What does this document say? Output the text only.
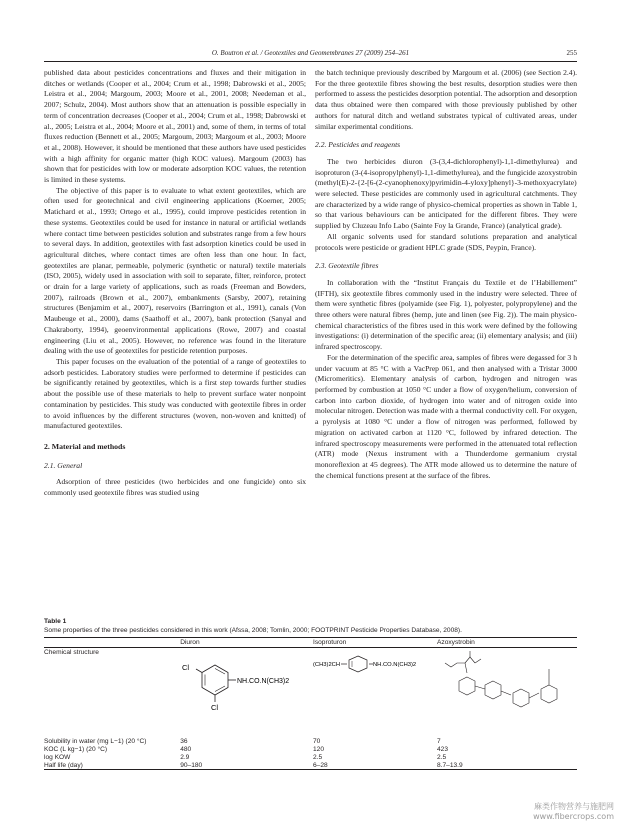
O. Boutron et al. / Geotextiles and Geomembranes 27 (2009) 254–261	255

published data about pesticides concentrations and fluxes and their mitigation in ditches or wetlands (Cooper et al., 2004; Crum et al., 1998; Dabrowski et al., 2005; Leistra et al., 2004; Margoum, 2003; Moore et al., 2001, 2008; Needeman et al., 2007; Schulz, 2004). Most authors show that an attenuation is possible especially in term of concentration decreases (Cooper et al., 2004; Crum et al., 1998; Dabrowski et al., 2005; Leistra et al., 2004; Moore et al., 2001) and, some of them, in terms of total fluxes reduction (Bennett et al., 2005; Margoum, 2003; Margoum et al., 2003; Moore et al., 2008). However, it should be mentioned that these authors have used pesticides with a high affinity for organic matter (high KOC values). Margoum (2003) has shown that for pesticides with low or moderate adsorption KOC values, the retention is limited in these systems.

The objective of this paper is to evaluate to what extent geotextiles, which are often used for geotechnical and civil engineering applications (Koerner, 2005; Matichard et al., 1993; Ortego et al., 1995), could improve pesticides retention in these systems. Geotextiles could be used for instance in natural or artificial wetlands where contact time between pesticides solution and substrates range from a few hours to several days. In addition, geotextiles with fast adsorption kinetics could be used in agricultural ditches, where contact times are often less than one hour. In fact, geotextiles are planar, permeable, polymeric (synthetic or natural) textile materials (ISO, 2005), widely used in association with soil to separate, filter, reinforce, protect or drain for a large variety of applications, such as roads (Freeman and Bowders, 2007), railroads (Brown et al., 2007), embankments (Sarsby, 2007), retaining structures (Benjamim et al., 2007), reservoirs (Barrington et al., 1991), canals (Von Maubeuge et al., 2000), dams (Saathoff et al., 2007), bank protection (Sanyal and Chakraborty, 1994), geoenvironmental applications (Rowe, 2007) and coastal engineering (Liu et al., 2005). However, no reference was found in the literature dealing with the use of geotextiles for pesticide retention purposes.

This paper focuses on the evaluation of the potential of a range of geotextiles to adsorb pesticides. Laboratory studies were performed to determine if pesticides can be significantly retained by geotextiles, which is a first step towards further studies about the possible use of these materials to help to prevent surface water nonpoint contamination by pesticides. This study was conducted with geotextile fibres in order to avoid influences by the different structures (woven, non-woven and knitted) of manufactured geotextiles.

2. Material and methods
2.1. General

Adsorption of three pesticides (two herbicides and one fungicide) onto six commonly used geotextile fibres was studied using

the batch technique previously described by Margoum et al. (2006) (see Section 2.4). For the three geotextile fibres showing the best results, desorption studies were then performed to assess the pesticides desorption potential. The adsorption and desorption data thus obtained were then compared with those previously published by other authors for natural ditch and wetland substrates typical of cultivated areas, under similar experimental conditions.

2.2. Pesticides and reagents

The two herbicides diuron (3-(3,4-dichlorophenyl)-1,1-dimethylurea) and isoproturon (3-(4-isopropylphenyl)-1,1-dimethylurea), and the fungicide azoxystrobin (methyl(E)-2-{2-[6-(2-cyanophenoxy)pyrimidin-4-yloxy]phenyl}-3-methoxyacrylate) were selected. These pesticides are commonly used in agricultural catchments. They are characterized by a wide range of physico-chemical properties as shown in Table 1, so that various behaviours can be anticipated for the different fibres. They were supplied by Cluzeau Info Labo (Sainte Foy la Grande, France) (analytical grade).

All organic solvents used for standard solutions preparation and analytical protocols were pesticide or gradient HPLC grade (SDS, Peypin, France).

2.3. Geotextile fibres

In collaboration with the “Institut Français du Textile et de l’Habillement” (IFTH), six geotextile fibres commonly used in the industry were selected. Three of them were synthetic fibres (polyamide (see Fig. 1), polyester, polypropylene) and the three others were natural fibres (hemp, jute and linen (see Fig. 2)). The main physico-chemical characteristics of the fibres used in this work were defined by the following investigations: (i) determination of the specific area; (ii) elementary analysis; and (iii) infrared spectroscopy.

For the determination of the specific area, samples of fibres were degassed for 3 h under vacuum at 85 °C with a VacPrep 061, and then analysed with a Tristar 3000 (Micromeritics). Elementary analysis of carbon, hydrogen and nitrogen was performed by combustion at 1050 °C under a flow of oxygen/helium, conversion of carbon into carbon dioxide, of hydrogen into water and of nitrogen oxide into molecular nitrogen. Detection was made with a thermal conductivity cell. For oxygen, a pyrolysis at 1080 °C under a flow of nitrogen was performed, followed by migration on activated carbon at 1120 °C, followed by infrared detection. The infrared spectroscopy measurements were performed in the attenuated total reflection (ATR) mode (Nexus instrument with a Thunderdome germanium crystal monoreflexion at 45 degrees). The ATR mode allowed us to determine the nature of the chemical functions present at the surface of the fibres.

Table 1
Some properties of the three pesticides considered in this work (Afssa, 2008; Tomlin, 2000; FOOTPRINT Pesticide Properties Database, 2008).
	Diuron	Isoproturon	Azoxystrobin
Chemical structure	Cl
Cl
NH.CO.N(CH3)2	(CH3)2CH NH.CO.N(CH3)2

Solubility in water (mg L−1) (20 °C)	36	70	7
KOC (L kg−1) (20 °C)	480	120	423
log KOW	2.9	2.5	2.5
Half life (day)	90–180	6–28	8.7–13.9
麻类作物营养与施肥网
www.fibercrops.com
